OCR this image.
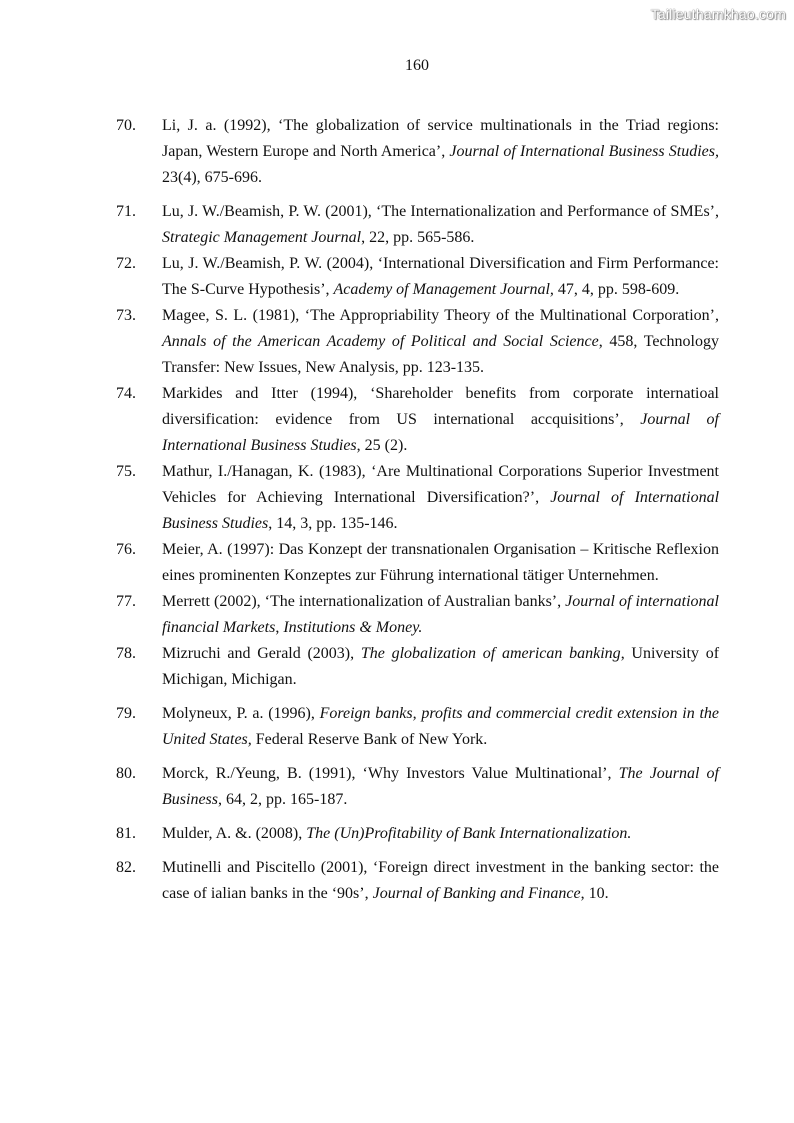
Tailieuthamkhao.com
160
70. Li, J. a. (1992), ‘The globalization of service multinationals in the Triad regions: Japan, Western Europe and North America’, Journal of International Business Studies, 23(4), 675-696.
71. Lu, J. W./Beamish, P. W. (2001), ‘The Internationalization and Performance of SMEs’, Strategic Management Journal, 22, pp. 565-586.
72. Lu, J. W./Beamish, P. W. (2004), ‘International Diversification and Firm Performance: The S-Curve Hypothesis’, Academy of Management Journal, 47, 4, pp. 598-609.
73. Magee, S. L. (1981), ‘The Appropriability Theory of the Multinational Corporation’, Annals of the American Academy of Political and Social Science, 458, Technology Transfer: New Issues, New Analysis, pp. 123-135.
74. Markides and Itter (1994), ‘Shareholder benefits from corporate internatioal diversification: evidence from US international accquisitions’, Journal of International Business Studies, 25 (2).
75. Mathur, I./Hanagan, K. (1983), ‘Are Multinational Corporations Superior Investment Vehicles for Achieving International Diversification?’, Journal of International Business Studies, 14, 3, pp. 135-146.
76. Meier, A. (1997): Das Konzept der transnationalen Organisation – Kritische Reflexion eines prominenten Konzeptes zur Führung international tätiger Unternehmen.
77. Merrett (2002), ‘The internationalization of Australian banks’, Journal of international financial Markets, Institutions & Money.
78. Mizruchi and Gerald (2003), The globalization of american banking, University of Michigan, Michigan.
79. Molyneux, P. a. (1996), Foreign banks, profits and commercial credit extension in the United States, Federal Reserve Bank of New York.
80. Morck, R./Yeung, B. (1991), ‘Why Investors Value Multinational’, The Journal of Business, 64, 2, pp. 165-187.
81. Mulder, A. &. (2008), The (Un)Profitability of Bank Internationalization.
82. Mutinelli and Piscitello (2001), ‘Foreign direct investment in the banking sector: the case of ialian banks in the ‘90s’, Journal of Banking and Finance, 10.
